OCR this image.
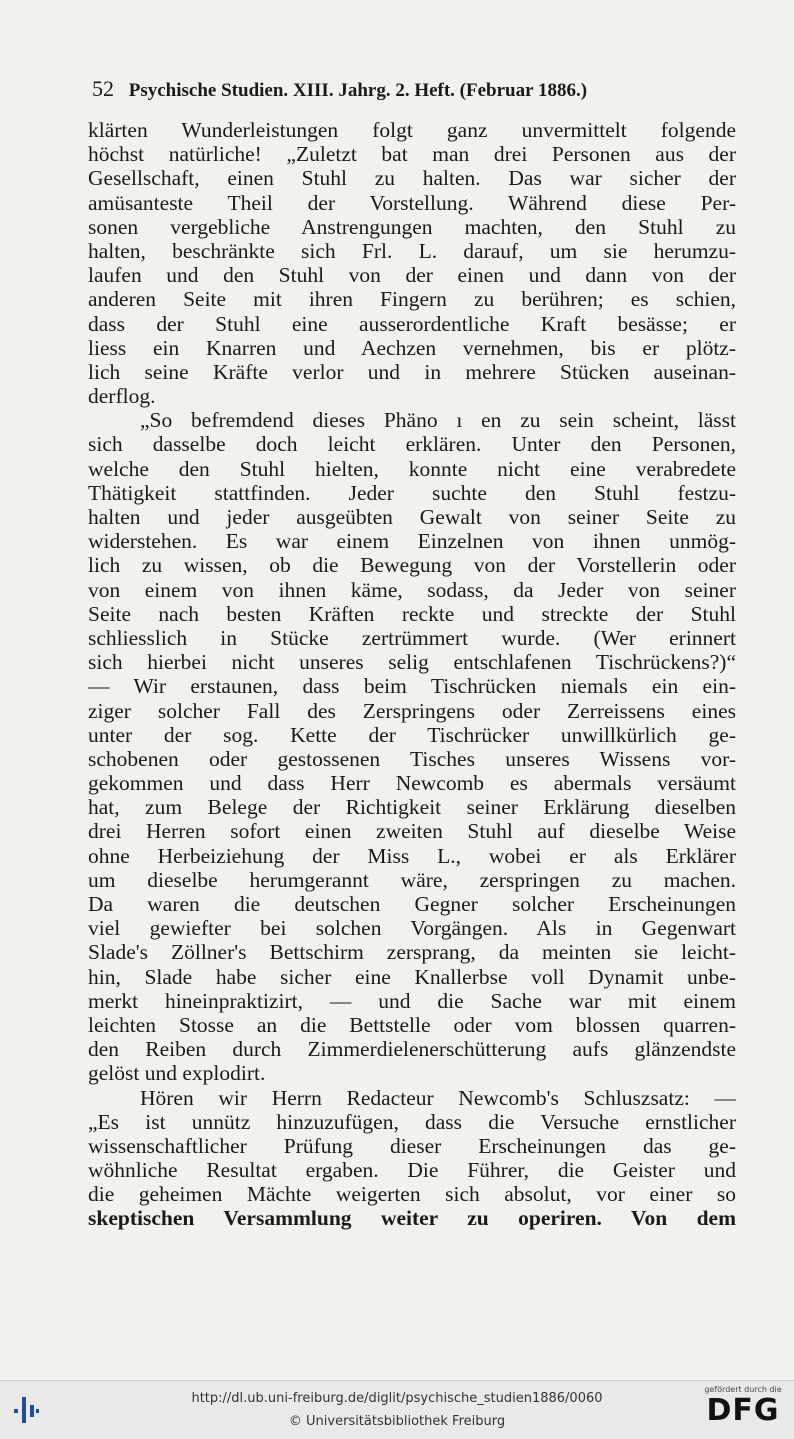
52 Psychische Studien. XIII. Jahrg. 2. Heft. (Februar 1886.)
klärten Wunderleistungen folgt ganz unvermittelt folgende
höchst natürliche! „Zuletzt bat man drei Personen aus der
Gesellschaft, einen Stuhl zu halten. Das war sicher der
amüsanteste Theil der Vorstellung. Während diese Per-
sonen vergebliche Anstrengungen machten, den Stuhl zu
halten, beschränkte sich Frl. L. darauf, um sie herumzu-
laufen und den Stuhl von der einen und dann von der
anderen Seite mit ihren Fingern zu berühren; es schien,
dass der Stuhl eine ausserordentliche Kraft besässe; er
liess ein Knarren und Aechzen vernehmen, bis er plötz-
lich seine Kräfte verlor und in mehrere Stücken auseinan-
derflog.
„So befremdend dieses Phäno ı en zu sein scheint, lässt
sich dasselbe doch leicht erklären. Unter den Personen,
welche den Stuhl hielten, konnte nicht eine verabredete
Thätigkeit stattfinden. Jeder suchte den Stuhl festzu-
halten und jeder ausgeübten Gewalt von seiner Seite zu
widerstehen. Es war einem Einzelnen von ihnen unmög-
lich zu wissen, ob die Bewegung von der Vorstellerin oder
von einem von ihnen käme, sodass, da Jeder von seiner
Seite nach besten Kräften reckte und streckte der Stuhl
schliesslich in Stücke zertrümmert wurde. (Wer erinnert
sich hierbei nicht unseres selig entschlafenen Tischrückens?)“
— Wir erstaunen, dass beim Tischrücken niemals ein ein-
ziger solcher Fall des Zerspringens oder Zerreissens eines
unter der sog. Kette der Tischrücker unwillkürlich ge-
schobenen oder gestossenen Tisches unseres Wissens vor-
gekommen und dass Herr Newcomb es abermals versäumt
hat, zum Belege der Richtigkeit seiner Erklärung dieselben
drei Herren sofort einen zweiten Stuhl auf dieselbe Weise
ohne Herbeiziehung der Miss L., wobei er als Erklärer
um dieselbe herumgerannt wäre, zerspringen zu machen.
Da waren die deutschen Gegner solcher Erscheinungen
viel gewiefter bei solchen Vorgängen. Als in Gegenwart
Slade's Zöllner's Bettschirm zersprang, da meinten sie leicht-
hin, Slade habe sicher eine Knallerbse voll Dynamit unbe-
merkt hineinpraktizirt, — und die Sache war mit einem
leichten Stosse an die Bettstelle oder vom blossen quarren-
den Reiben durch Zimmerdielenerschütterung aufs glänzendste
gelöst und explodirt.
Hören wir Herrn Redacteur Newcomb's Schluszsatz: —
„Es ist unnütz hinzuzufügen, dass die Versuche ernstlicher
wissenschaftlicher Prüfung dieser Erscheinungen das ge-
wöhnliche Resultat ergaben. Die Führer, die Geister und
die geheimen Mächte weigerten sich absolut, vor einer so
skeptischen Versammlung weiter zu operiren. Von dem
http://dl.ub.uni-freiburg.de/diglit/psychische_studien1886/0060
© Universitätsbibliothek Freiburg
gefördert durch die
DFG
